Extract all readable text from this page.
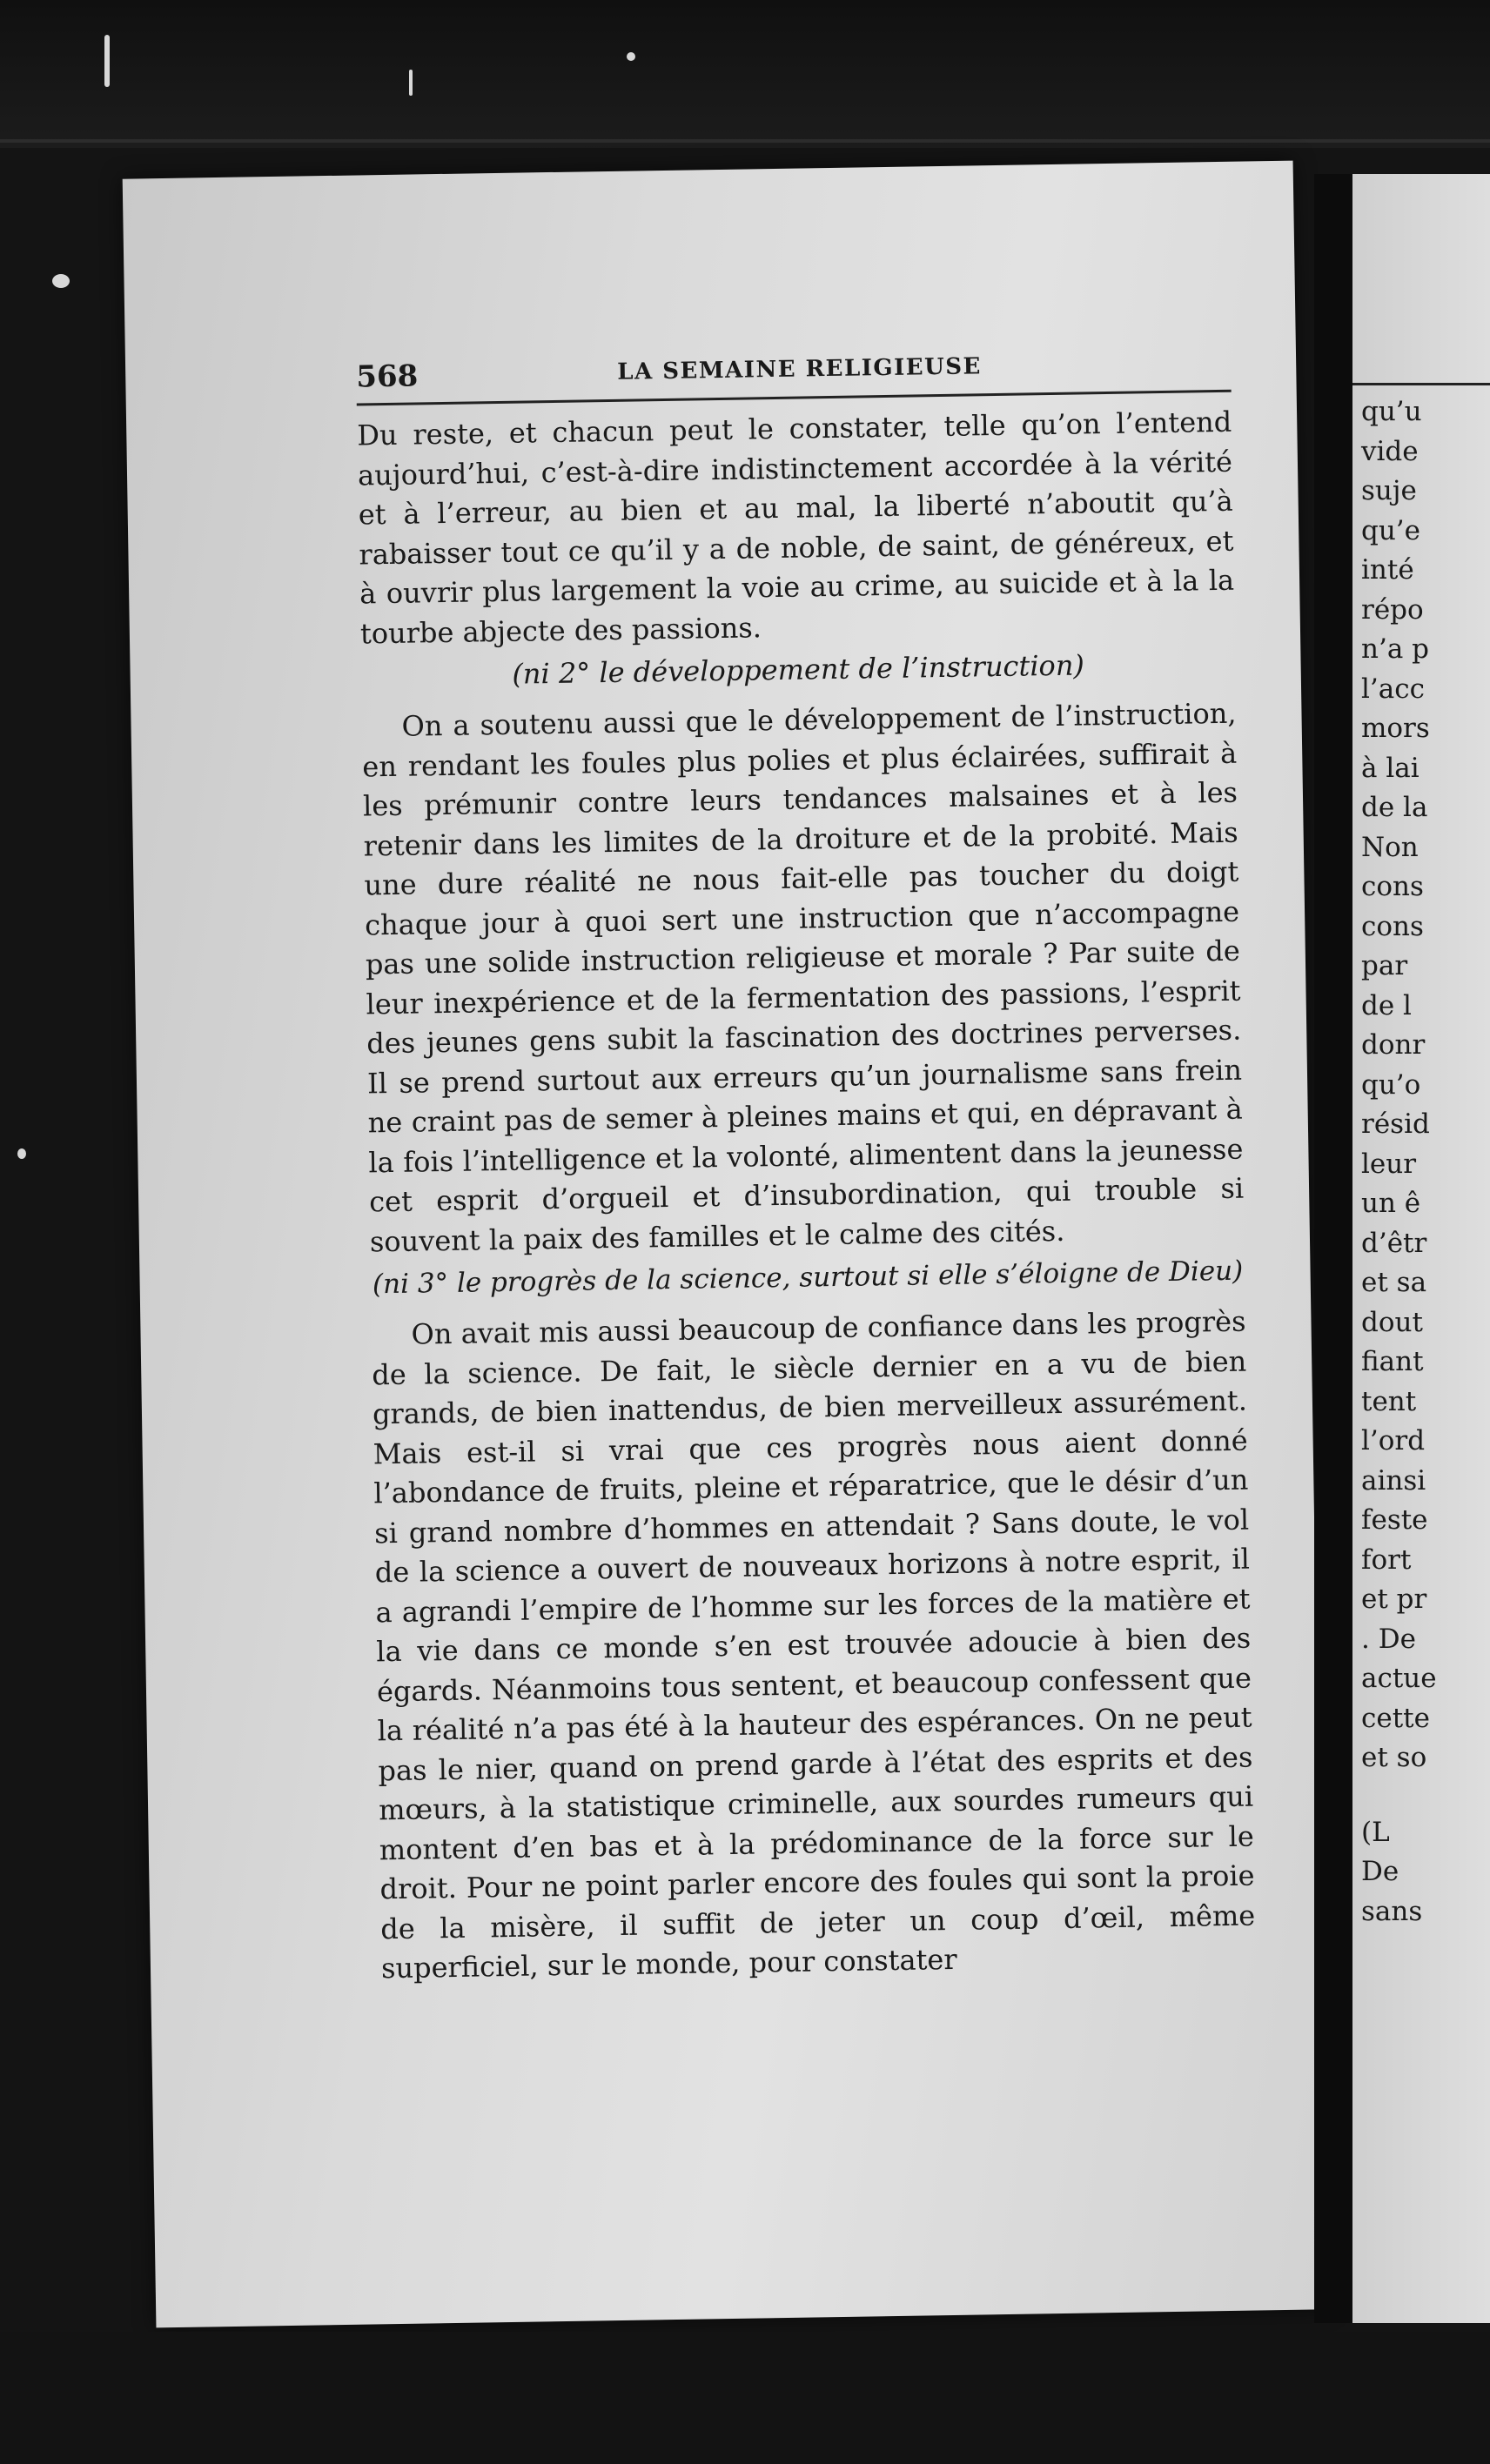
568	LA SEMAINE RELIGIEUSE

Du reste, et chacun peut le constater, telle qu’on l’entend aujourd’hui, c’est-à-dire indistinctement accordée à la vérité et à l’erreur, au bien et au mal, la liberté n’aboutit qu’à rabaisser tout ce qu’il y a de noble, de saint, de généreux, et à ouvrir plus largement la voie au crime, au suicide et à la la tourbe abjecte des passions.

(ni 2° le développement de l’instruction)

On a soutenu aussi que le développement de l’instruction, en rendant les foules plus polies et plus éclairées, suffirait à les prémunir contre leurs tendances malsaines et à les retenir dans les limites de la droiture et de la probité. Mais une dure réalité ne nous fait-elle pas toucher du doigt chaque jour à quoi sert une instruction que n’accompagne pas une solide instruction religieuse et morale ? Par suite de leur inexpérience et de la fermentation des passions, l’esprit des jeunes gens subit la fascination des doctrines perverses. Il se prend surtout aux erreurs qu’un journalisme sans frein ne craint pas de semer à pleines mains et qui, en dépravant à la fois l’intelligence et la volonté, alimentent dans la jeunesse cet esprit d’orgueil et d’insubordination, qui trouble si souvent la paix des familles et le calme des cités.

(ni 3° le progrès de la science, surtout si elle s’éloigne de Dieu)

On avait mis aussi beaucoup de confiance dans les progrès de la science. De fait, le siècle dernier en a vu de bien grands, de bien inattendus, de bien merveilleux assurément. Mais est-il si vrai que ces progrès nous aient donné l’abondance de fruits, pleine et réparatrice, que le désir d’un si grand nombre d’hommes en attendait ? Sans doute, le vol de la science a ouvert de nouveaux horizons à notre esprit, il a agrandi l’empire de l’homme sur les forces de la matière et la vie dans ce monde s’en est trouvée adoucie à bien des égards. Néanmoins tous sentent, et beaucoup confessent que la réalité n’a pas été à la hauteur des espérances. On ne peut pas le nier, quand on prend garde à l’état des esprits et des mœurs, à la statistique criminelle, aux sourdes rumeurs qui montent d’en bas et à la prédominance de la force sur le droit. Pour ne point parler encore des foules qui sont la proie de la misère, il suffit de jeter un coup d’œil, même superficiel, sur le monde, pour constater

qu’u
vide
suje
qu’e
inté
répo
n’a p
l’acc
mors
à lai
de la
Non
cons
cons
par
de l
donr
qu’o
résid
leur
un ê
d’êtr
et sa
dout
fiant
tent
l’ord
ainsi
feste
fort
et pr
. De
actue
cette
et so
(L
De
sans
